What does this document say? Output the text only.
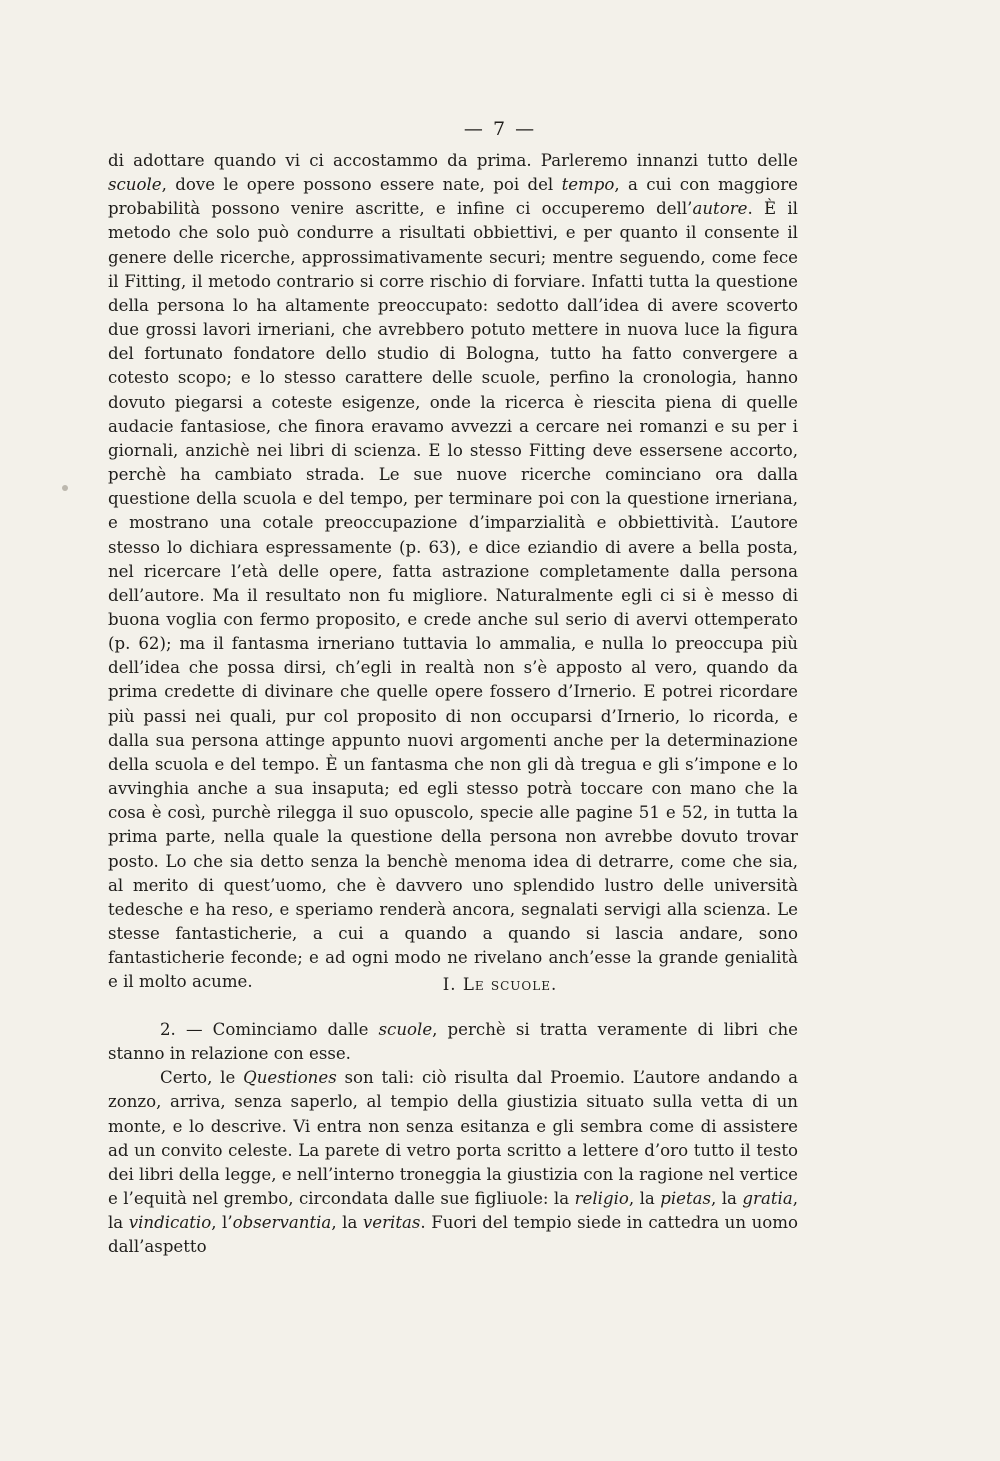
— 7 —

di adottare quando vi ci accostammo da prima. Parleremo innanzi tutto delle scuole, dove le opere possono essere nate, poi del tempo, a cui con maggiore probabilità possono venire ascritte, e infine ci occuperemo dell’autore. È il metodo che solo può condurre a risultati obbiettivi, e per quanto il consente il genere delle ricerche, approssimativamente securi; mentre seguendo, come fece il Fitting, il metodo contrario si corre rischio di forviare. Infatti tutta la questione della persona lo ha altamente preoccupato: sedotto dall’idea di avere scoverto due grossi lavori irneriani, che avrebbero potuto mettere in nuova luce la figura del fortunato fondatore dello studio di Bologna, tutto ha fatto convergere a cotesto scopo; e lo stesso carattere delle scuole, perfino la cronologia, hanno dovuto piegarsi a coteste esigenze, onde la ricerca è riescita piena di quelle audacie fantasiose, che finora eravamo avvezzi a cercare nei romanzi e su per i giornali, anzichè nei libri di scienza. E lo stesso Fitting deve essersene accorto, perchè ha cambiato strada. Le sue nuove ricerche cominciano ora dalla questione della scuola e del tempo, per terminare poi con la questione irneriana, e mostrano una cotale preoccupazione d’imparzialità e obbiettività. L’autore stesso lo dichiara espressamente (p. 63), e dice eziandio di avere a bella posta, nel ricercare l’età delle opere, fatta astrazione completamente dalla persona dell’autore. Ma il resultato non fu migliore. Naturalmente egli ci si è messo di buona voglia con fermo proposito, e crede anche sul serio di avervi ottemperato (p. 62); ma il fantasma irneriano tuttavia lo ammalia, e nulla lo preoccupa più dell’idea che possa dirsi, ch’egli in realtà non s’è apposto al vero, quando da prima credette di divinare che quelle opere fossero d’Irnerio. E potrei ricordare più passi nei quali, pur col proposito di non occuparsi d’Irnerio, lo ricorda, e dalla sua persona attinge appunto nuovi argomenti anche per la determinazione della scuola e del tempo. È un fantasma che non gli dà tregua e gli s’impone e lo avvinghia anche a sua insaputa; ed egli stesso potrà toccare con mano che la cosa è così, purchè rilegga il suo opuscolo, specie alle pagine 51 e 52, in tutta la prima parte, nella quale la questione della persona non avrebbe dovuto trovar posto. Lo che sia detto senza la benchè menoma idea di detrarre, come che sia, al merito di quest’uomo, che è davvero uno splendido lustro delle università tedesche e ha reso, e speriamo renderà ancora, segnalati servigi alla scienza. Le stesse fantasticherie, a cui a quando a quando si lascia andare, sono fantasticherie feconde; e ad ogni modo ne rivelano anch’esse la grande genialità e il molto acume.	I. Le scuole.

2. — Cominciamo dalle scuole, perchè si tratta veramente di libri che stanno in relazione con esse.

Certo, le Questiones son tali: ciò risulta dal Proemio. L’autore andando a zonzo, arriva, senza saperlo, al tempio della giustizia situato sulla vetta di un monte, e lo descrive. Vi entra non senza esitanza e gli sembra come di assistere ad un convito celeste. La parete di vetro porta scritto a lettere d’oro tutto il testo dei libri della legge, e nell’interno troneggia la giustizia con la ragione nel vertice e l’equità nel grembo, circondata dalle sue figliuole: la religio, la pietas, la gratia, la vindicatio, l’observantia, la veritas. Fuori del tempio siede in cattedra un uomo dall’aspetto
